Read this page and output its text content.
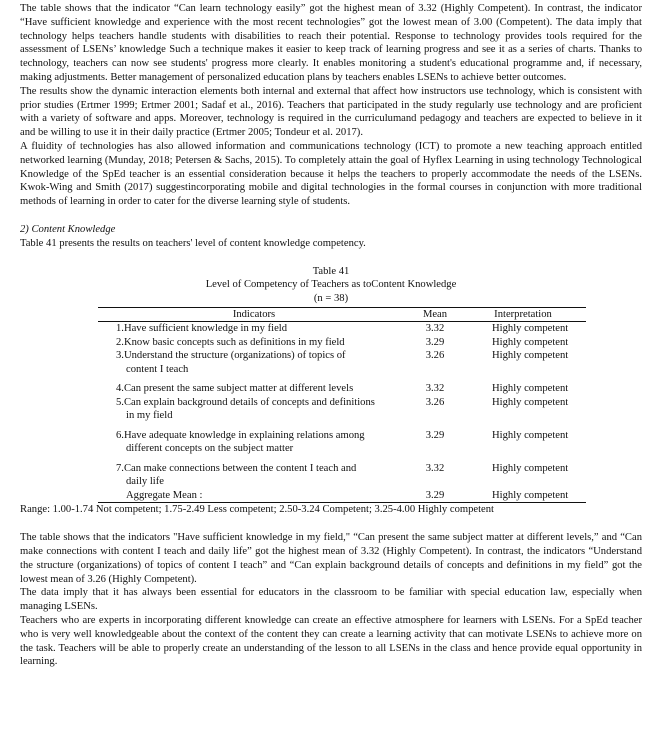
The table shows that the indicator “Can learn technology easily” got the highest mean of 3.32 (Highly Competent). In contrast, the indicator “Have sufficient knowledge and experience with the most recent technologies” got the lowest mean of 3.00 (Competent). The data imply that technology helps teachers handle students with disabilities to reach their potential. Response to technology provides tools required for the assessment of LSENs’ knowledge Such a technique makes it easier to keep track of learning progress and see it as a series of charts. Thanks to technology, teachers can now see students' progress more clearly. It enables monitoring a student's educational programme and, if necessary, making adjustments. Better management of personalized education plans by teachers enables LSENs to achieve better outcomes.

The results show the dynamic interaction elements both internal and external that affect how instructors use technology, which is consistent with prior studies (Ertmer 1999; Ertmer 2001; Sadaf et al., 2016). Teachers that participated in the study regularly use technology and are proficient with a variety of software and apps. Moreover, technology is required in the curriculumand pedagogy and teachers are expected to believe in it and be willing to use it in their daily practice (Ertmer 2005; Tondeur et al. 2017).

A fluidity of technologies has also allowed information and communications technology (ICT) to promote a new teaching approach entitled networked learning (Munday, 2018; Petersen & Sachs, 2015). To completely attain the goal of Hyflex Learning in using technology Technological Knowledge of the SpEd teacher is an essential consideration because it helps the teachers to properly accommodate the needs of the LSENs. Kwok-Wing and Smith (2017) suggestincorporating mobile and digital technologies in the formal courses in conjunction with more traditional methods of learning in order to cater for the diverse learning style of students.

2) Content Knowledge

Table 41 presents the results on teachers' level of content knowledge competency.

Table 41
Level of Competency of Teachers as toContent Knowledge
(n = 38)
Indicators	Mean	Interpretation
1.Have sufficient knowledge in my field	3.32	Highly competent
2.Know basic concepts such as definitions in my field	3.29	Highly competent
3.Understand the structure (organizations) of topics of	3.26	Highly competent
content I teach		
4.Can present the same subject matter at different levels	3.32	Highly competent
5.Can explain background details of concepts and definitions	3.26	Highly competent
in my field		
6.Have adequate knowledge in explaining relations among	3.29	Highly competent
different concepts on the subject matter		
7.Can make connections between the content I teach and	3.32	Highly competent
daily life		
Aggregate Mean :	3.29	Highly competent

Range: 1.00-1.74 Not competent; 1.75-2.49 Less competent; 2.50-3.24 Competent; 3.25-4.00 Highly competent

The table shows that the indicators "Have sufficient knowledge in my field," “Can present the same subject matter at different levels,” and “Can make connections with content I teach and daily life” got the highest mean of 3.32 (Highly Competent). In contrast, the indicators “Understand the structure (organizations) of topics of content I teach” and “Can explain background details of concepts and definitions in my field” got the lowest mean of 3.26 (Highly Competent).

The data imply that it has always been essential for educators in the classroom to be familiar with special education law, especially when managing LSENs.

Teachers who are experts in incorporating different knowledge can create an effective atmosphere for learners with LSENs. For a SpEd teacher who is very well knowledgeable about the context of the content they can create a learning activity that can motivate LSENs to achieve more on the task. Teachers will be able to properly create an understanding of the lesson to all LSENs in the class and hence provide equal opportunity in learning.
